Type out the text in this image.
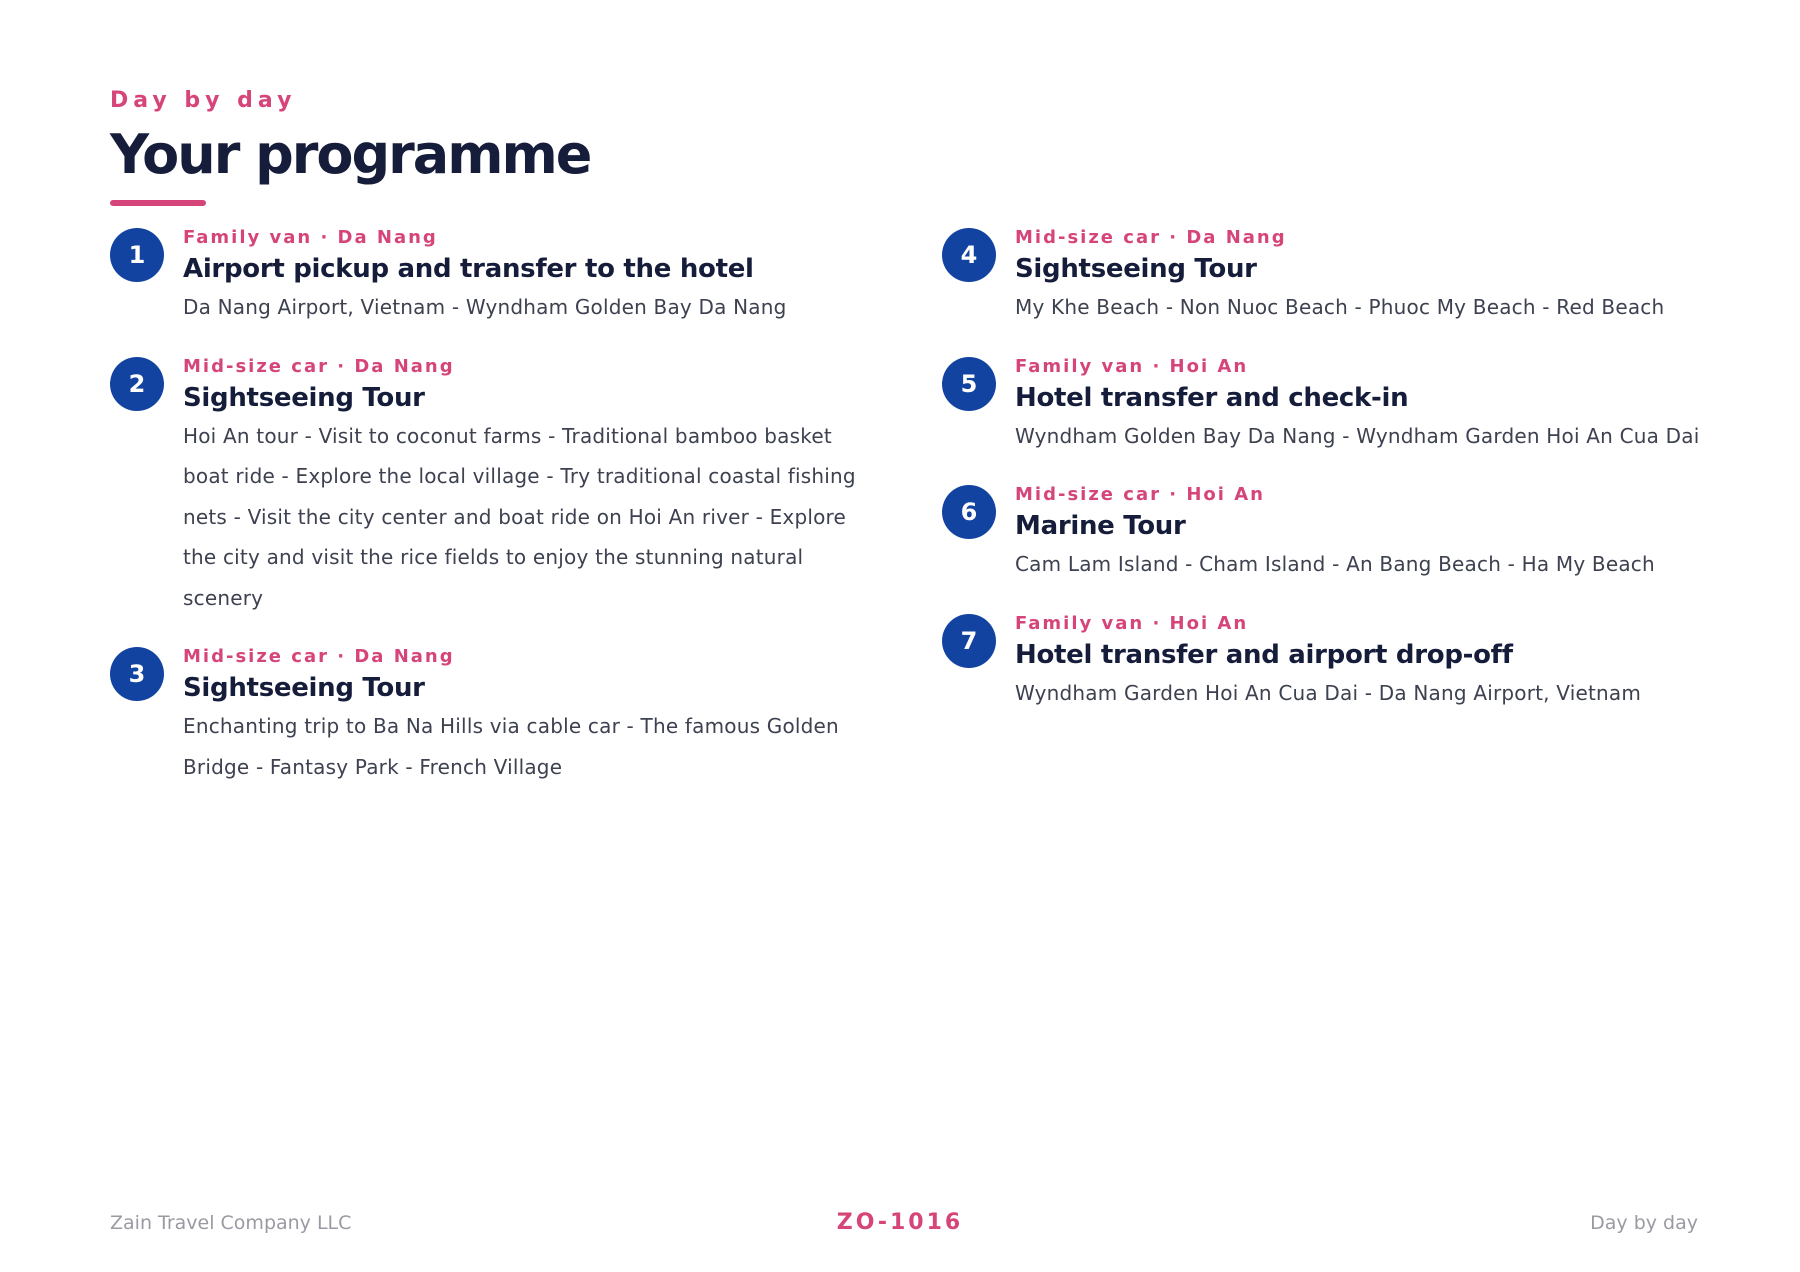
Day by day
Your programme
1
Family van · Da Nang
Airport pickup and transfer to the hotel
Da Nang Airport, Vietnam - Wyndham Golden Bay Da Nang
2
Mid-size car · Da Nang
Sightseeing Tour
Hoi An tour - Visit to coconut farms - Traditional bamboo basket boat ride - Explore the local village - Try traditional coastal fishing nets - Visit the city center and boat ride on Hoi An river - Explore the city and visit the rice fields to enjoy the stunning natural scenery
3
Mid-size car · Da Nang
Sightseeing Tour
Enchanting trip to Ba Na Hills via cable car - The famous Golden Bridge - Fantasy Park - French Village
4
Mid-size car · Da Nang
Sightseeing Tour
My Khe Beach - Non Nuoc Beach - Phuoc My Beach - Red Beach
5
Family van · Hoi An
Hotel transfer and check-in
Wyndham Golden Bay Da Nang - Wyndham Garden Hoi An Cua Dai
6
Mid-size car · Hoi An
Marine Tour
Cam Lam Island - Cham Island - An Bang Beach - Ha My Beach
7
Family van · Hoi An
Hotel transfer and airport drop-off
Wyndham Garden Hoi An Cua Dai - Da Nang Airport, Vietnam
Zain Travel Company LLC	ZO-1016	Day by day
